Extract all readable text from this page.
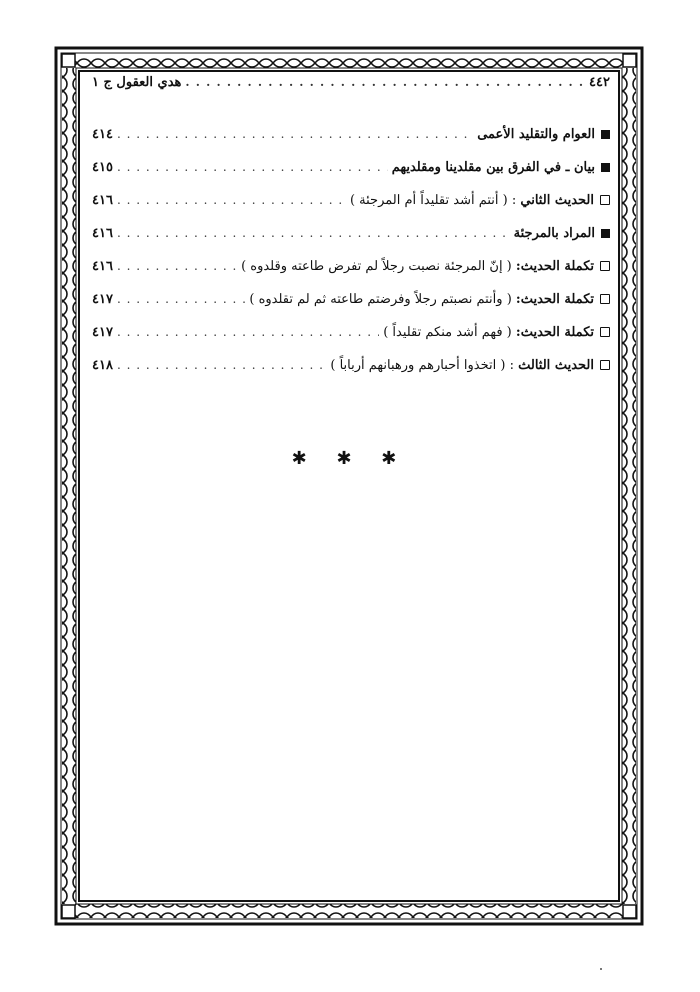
٤٤٢
. . .
هدي العقول ج ١
العوام والتقليد الأعمى
. . .
٤١٤
بيان ـ في الفرق بين مقلدينا ومقلديهم
. . .
٤١٥
الحديث الثاني : ( أنتم أشد تقليداً أم المرجئة )
. . .
٤١٦
المراد بالمرجئة
. . .
٤١٦
تكملة الحديث: ( إنّ المرجئة نصبت رجلاً لم تفرض طاعته وقلدوه )
. . .
٤١٦
تكملة الحديث: ( وأنتم نصبتم رجلاً وفرضتم طاعته ثم لم تقلدوه )
. . .
٤١٧
تكملة الحديث: ( فهم أشد منكم تقليداً )
. . .
٤١٧
الحديث الثالث : ( اتخذوا أحبارهم ورهبانهم أرباباً )
. . .
٤١٨
✱ ✱ ✱
